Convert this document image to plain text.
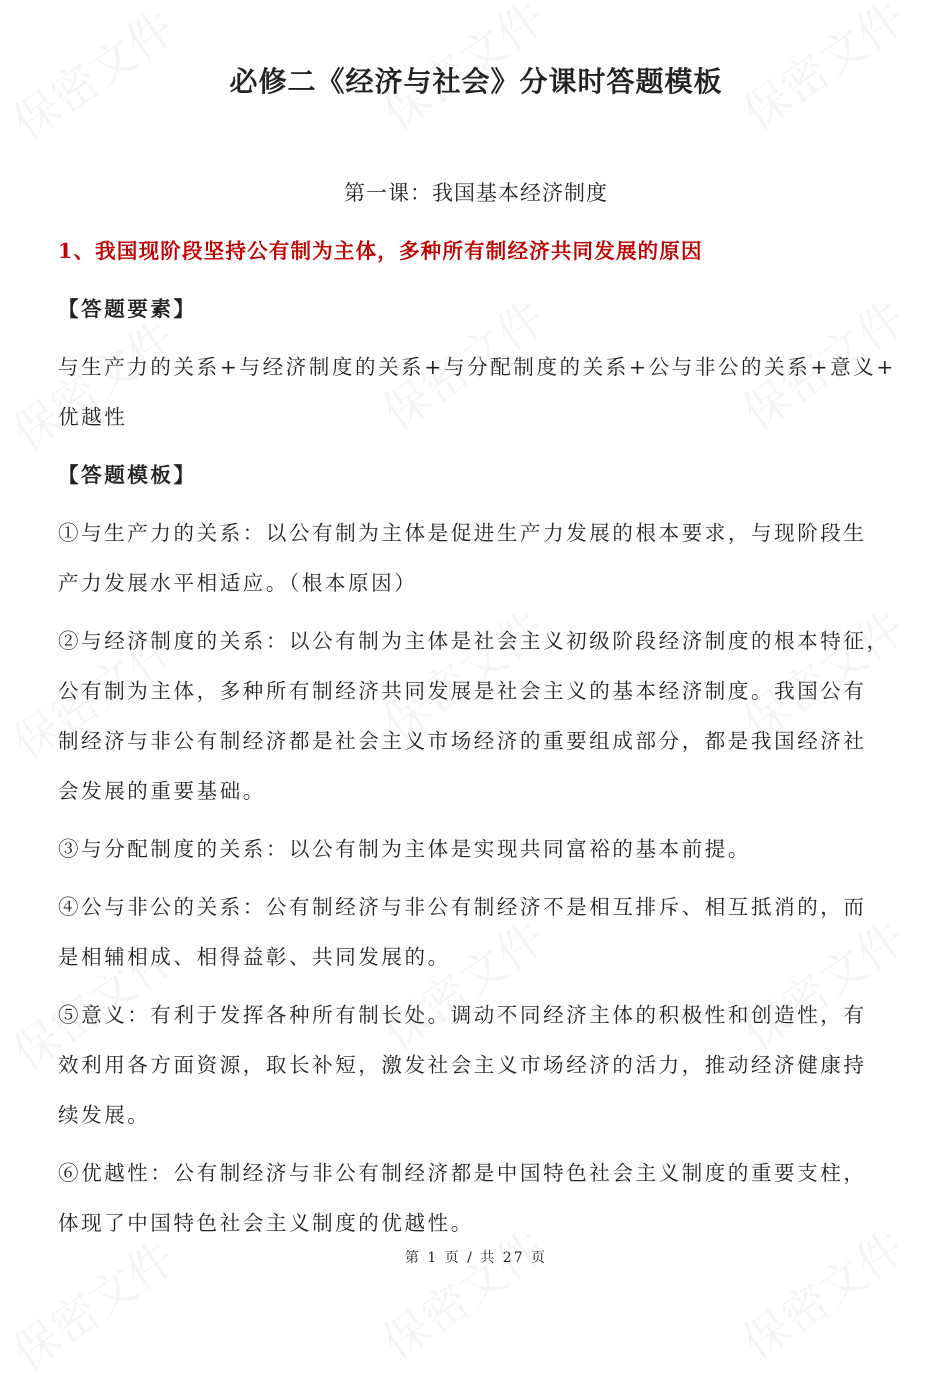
必修二《经济与社会》分课时答题模板
第一课：我国基本经济制度
1、我国现阶段坚持公有制为主体，多种所有制经济共同发展的原因
【答题要素】
与生产力的关系+与经济制度的关系+与分配制度的关系+公与非公的关系+意义+
优越性
【答题模板】
①与生产力的关系：以公有制为主体是促进生产力发展的根本要求，与现阶段生
产力发展水平相适应。（根本原因）
②与经济制度的关系：以公有制为主体是社会主义初级阶段经济制度的根本特征，
公有制为主体，多种所有制经济共同发展是社会主义的基本经济制度。我国公有
制经济与非公有制经济都是社会主义市场经济的重要组成部分，都是我国经济社
会发展的重要基础。
③与分配制度的关系：以公有制为主体是实现共同富裕的基本前提。
④公与非公的关系：公有制经济与非公有制经济不是相互排斥、相互抵消的，而
是相辅相成、相得益彰、共同发展的。
⑤意义：有利于发挥各种所有制长处。调动不同经济主体的积极性和创造性，有
效利用各方面资源，取长补短，激发社会主义市场经济的活力，推动经济健康持
续发展。
⑥优越性：公有制经济与非公有制经济都是中国特色社会主义制度的重要支柱，
体现了中国特色社会主义制度的优越性。
第 1 页 / 共 27 页
